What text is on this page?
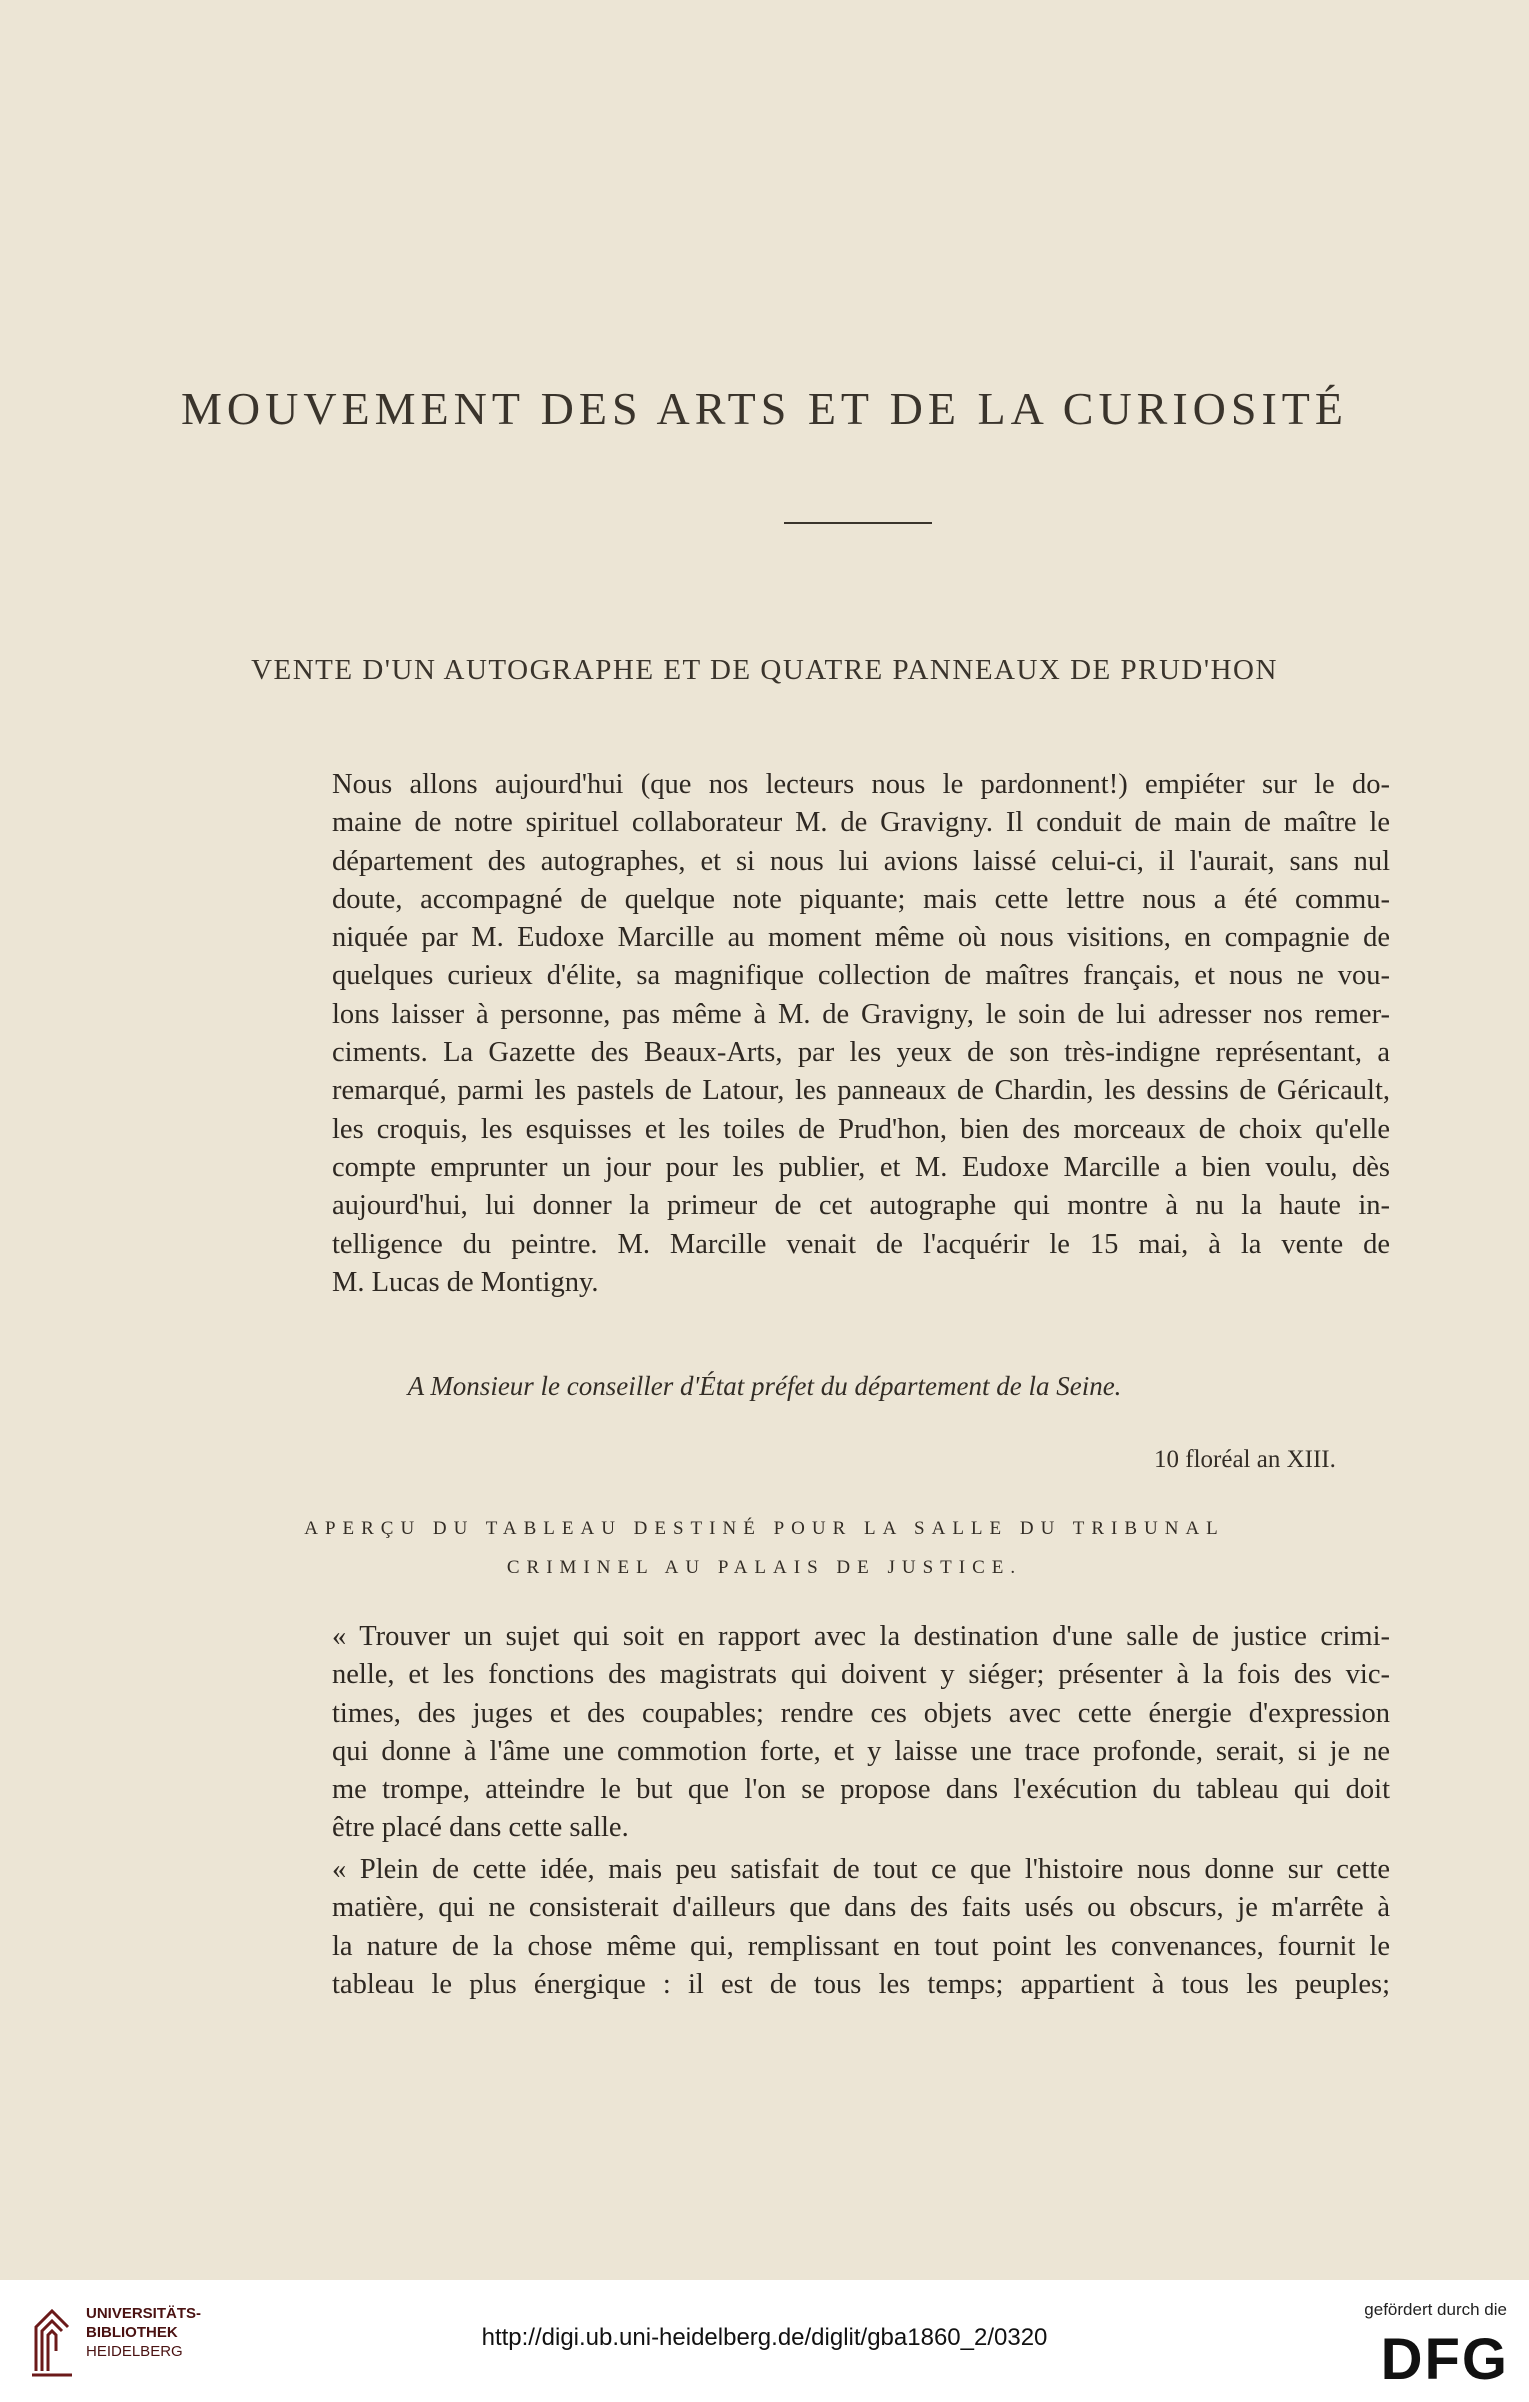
MOUVEMENT DES ARTS ET DE LA CURIOSITÉ
VENTE D'UN AUTOGRAPHE ET DE QUATRE PANNEAUX DE PRUD'HON
Nous allons aujourd'hui (que nos lecteurs nous le pardonnent!) empiéter sur le do-
maine de notre spirituel collaborateur M. de Gravigny. Il conduit de main de maître le
département des autographes, et si nous lui avions laissé celui-ci, il l'aurait, sans nul
doute, accompagné de quelque note piquante; mais cette lettre nous a été commu-
niquée par M. Eudoxe Marcille au moment même où nous visitions, en compagnie de
quelques curieux d'élite, sa magnifique collection de maîtres français, et nous ne vou-
lons laisser à personne, pas même à M. de Gravigny, le soin de lui adresser nos remer-
ciments. La Gazette des Beaux-Arts, par les yeux de son très-indigne représentant, a
remarqué, parmi les pastels de Latour, les panneaux de Chardin, les dessins de Géricault,
les croquis, les esquisses et les toiles de Prud'hon, bien des morceaux de choix qu'elle
compte emprunter un jour pour les publier, et M. Eudoxe Marcille a bien voulu, dès
aujourd'hui, lui donner la primeur de cet autographe qui montre à nu la haute in-
telligence du peintre. M. Marcille venait de l'acquérir le 15 mai, à la vente de
M. Lucas de Montigny.
A Monsieur le conseiller d'État préfet du département de la Seine.
10 floréal an XIII.
APERÇU DU TABLEAU DESTINÉ POUR LA SALLE DU TRIBUNAL
CRIMINEL AU PALAIS DE JUSTICE.
« Trouver un sujet qui soit en rapport avec la destination d'une salle de justice crimi-
nelle, et les fonctions des magistrats qui doivent y siéger; présenter à la fois des vic-
times, des juges et des coupables; rendre ces objets avec cette énergie d'expression
qui donne à l'âme une commotion forte, et y laisse une trace profonde, serait, si je ne
me trompe, atteindre le but que l'on se propose dans l'exécution du tableau qui doit
être placé dans cette salle.
« Plein de cette idée, mais peu satisfait de tout ce que l'histoire nous donne sur cette
matière, qui ne consisterait d'ailleurs que dans des faits usés ou obscurs, je m'arrête à
la nature de la chose même qui, remplissant en tout point les convenances, fournit le
tableau le plus énergique : il est de tous les temps; appartient à tous les peuples;
UNIVERSITÄTS-
BIBLIOTHEK
HEIDELBERG
http://digi.ub.uni-heidelberg.de/diglit/gba1860_2/0320
gefördert durch die
DFG
